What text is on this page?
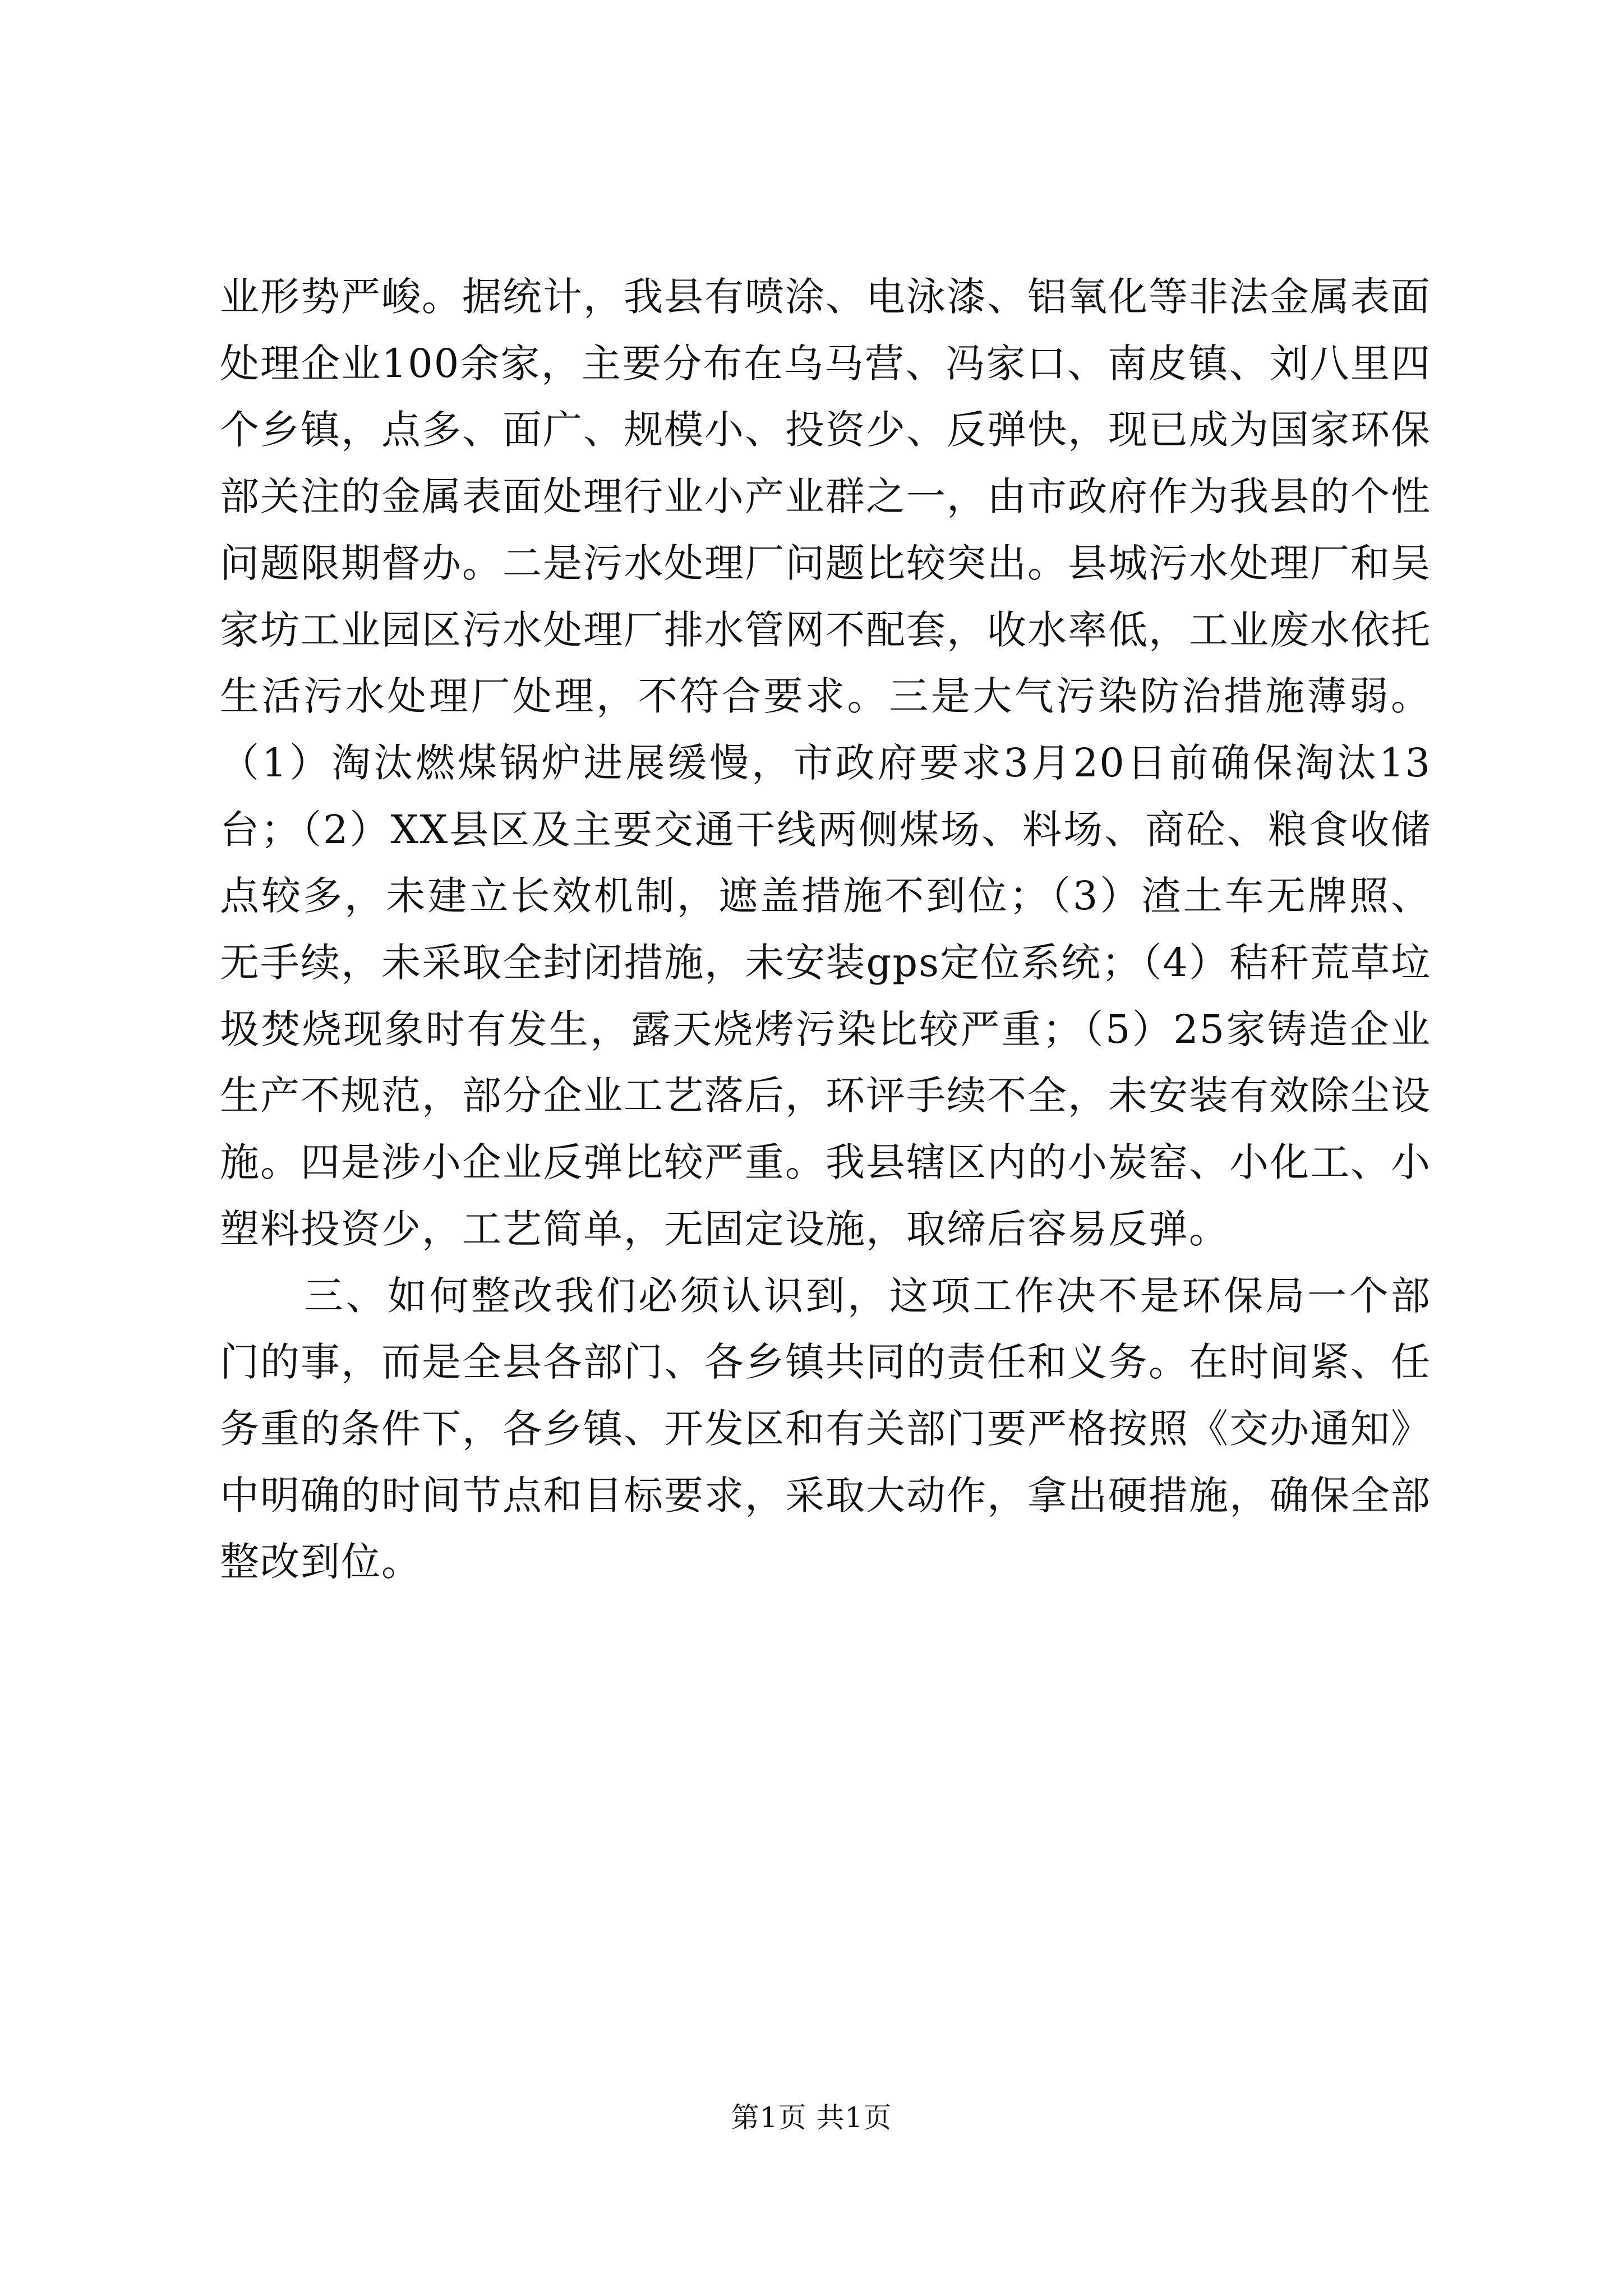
业形势严峻。据统计，我县有喷涂、电泳漆、铝氧化等非法金属表面处理企业100余家，主要分布在乌马营、冯家口、南皮镇、刘八里四个乡镇，点多、面广、规模小、投资少、反弹快，现已成为国家环保部关注的金属表面处理行业小产业群之一，由市政府作为我县的个性问题限期督办。二是污水处理厂问题比较突出。县城污水处理厂和吴家坊工业园区污水处理厂排水管网不配套，收水率低，工业废水依托生活污水处理厂处理，不符合要求。三是大气污染防治措施薄弱。（1）淘汰燃煤锅炉进展缓慢，市政府要求3月20日前确保淘汰13台；（2）XX县区及主要交通干线两侧煤场、料场、商砼、粮食收储点较多，未建立长效机制，遮盖措施不到位；（3）渣土车无牌照、无手续，未采取全封闭措施，未安装gps定位系统；（4）秸秆荒草垃圾焚烧现象时有发生，露天烧烤污染比较严重；（5）25家铸造企业生产不规范，部分企业工艺落后，环评手续不全，未安装有效除尘设施。四是涉小企业反弹比较严重。我县辖区内的小炭窑、小化工、小塑料投资少，工艺简单，无固定设施，取缔后容易反弹。

三、如何整改我们必须认识到，这项工作决不是环保局一个部门的事，而是全县各部门、各乡镇共同的责任和义务。在时间紧、任务重的条件下，各乡镇、开发区和有关部门要严格按照《交办通知》中明确的时间节点和目标要求，采取大动作，拿出硬措施，确保全部整改到位。

第1页 共1页
